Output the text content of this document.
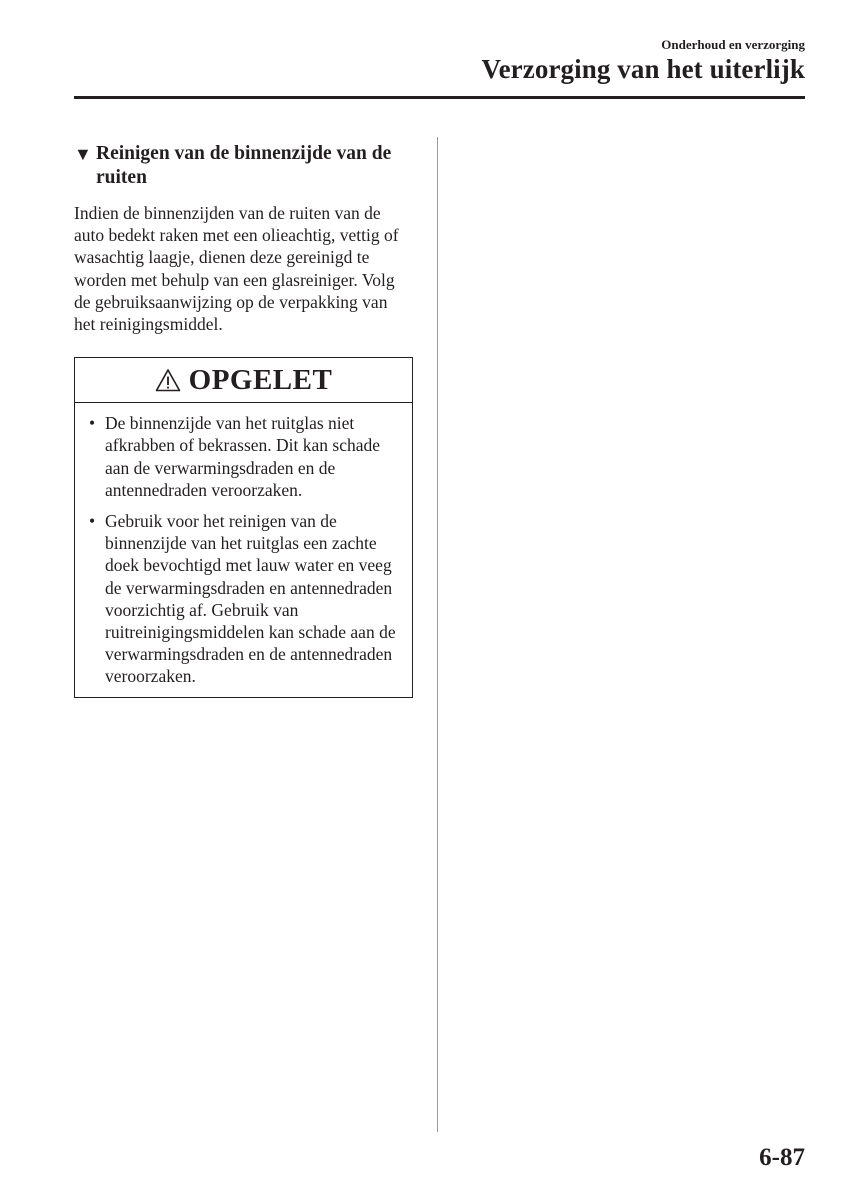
Onderhoud en verzorging
Verzorging van het uiterlijk
▼ Reinigen van de binnenzijde van de ruiten

Indien de binnenzijden van de ruiten van de auto bedekt raken met een olieachtig, vettig of wasachtig laagje, dienen deze gereinigd te worden met behulp van een glasreiniger. Volg de gebruiksaanwijzing op de verpakking van het reinigingsmiddel.

OPGELET
• De binnenzijde van het ruitglas niet afkrabben of bekrassen. Dit kan schade aan de verwarmingsdraden en de antennedraden veroorzaken.
• Gebruik voor het reinigen van de binnenzijde van het ruitglas een zachte doek bevochtigd met lauw water en veeg de verwarmingsdraden en antennedraden voorzichtig af. Gebruik van ruitreinigingsmiddelen kan schade aan de verwarmingsdraden en de antennedraden veroorzaken.
6-87
